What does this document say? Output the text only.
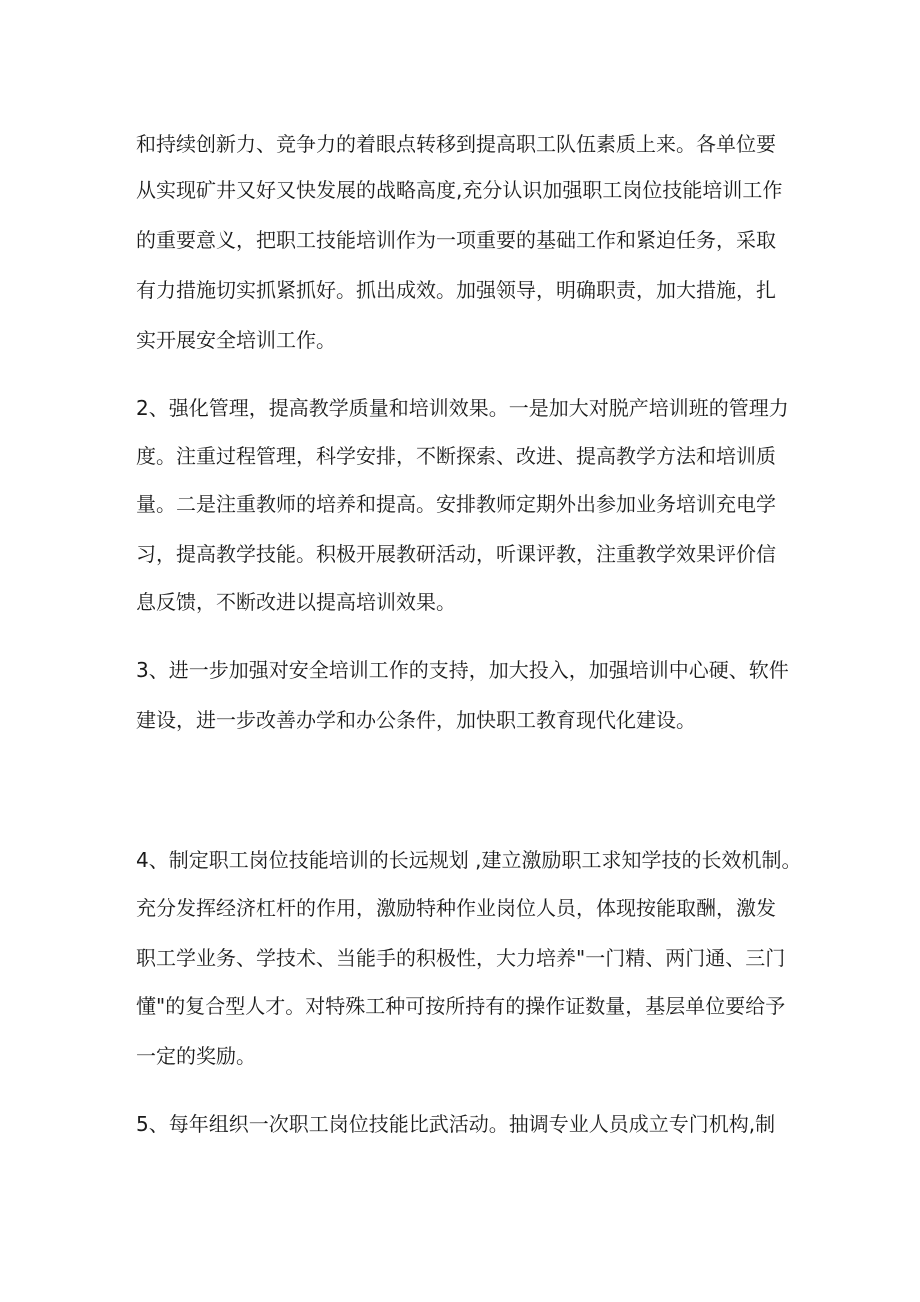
和持续创新力、竞争力的着眼点转移到提高职工队伍素质上来。各单位要
从实现矿井又好又快发展的战略高度,充分认识加强职工岗位技能培训工作
的重要意义，把职工技能培训作为一项重要的基础工作和紧迫任务，采取
有力措施切实抓紧抓好。抓出成效。加强领导，明确职责，加大措施，扎
实开展安全培训工作。
2、强化管理，提高教学质量和培训效果。一是加大对脱产培训班的管理力
度。注重过程管理，科学安排，不断探索、改进、提高教学方法和培训质
量。二是注重教师的培养和提高。安排教师定期外出参加业务培训充电学
习，提高教学技能。积极开展教研活动，听课评教，注重教学效果评价信
息反馈，不断改进以提高培训效果。
3、进一步加强对安全培训工作的支持，加大投入，加强培训中心硬、软件
建设，进一步改善办学和办公条件，加快职工教育现代化建设。
4、制定职工岗位技能培训的长远规划 ,建立激励职工求知学技的长效机制。
充分发挥经济杠杆的作用，激励特种作业岗位人员，体现按能取酬，激发
职工学业务、学技术、当能手的积极性，大力培养"一门精、两门通、三门
懂"的复合型人才。对特殊工种可按所持有的操作证数量，基层单位要给予
一定的奖励。
5、每年组织一次职工岗位技能比武活动。抽调专业人员成立专门机构,制
